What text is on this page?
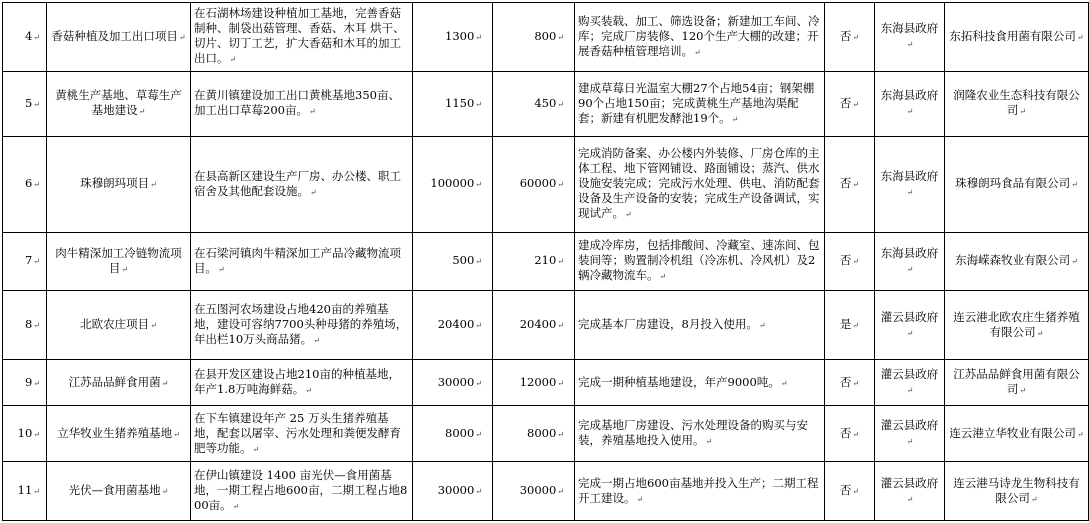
4↵	香菇种植及加工出口项目↵	在石湖林场建设种植加工基地，完善香菇制种、制袋出菇管理、香菇、木耳 烘干、切片、切丁工艺，扩大香菇和木耳的加工出口。↵	1300↵	800↵	购买装载、加工、筛选设备；新建加工车间、冷库；完成厂房装修、120个生产大棚的改建；开展香菇种植管理培训。↵	否↵	东海县政府↵	东拓科技食用菌有限公司↵
5↵	黄桃生产基地、草莓生产基地建设↵	在黄川镇建设加工出口黄桃基地350亩、加工出口草莓200亩。↵	1150↵	450↵	建成草莓日光温室大棚27个占地54亩；钢架棚90个占地150亩；完成黄桃生产基地沟渠配套；新建有机肥发酵池19个。↵	否↵	东海县政府↵	润隆农业生态科技有限公司↵
6↵	珠穆朗玛项目↵	在县高新区建设生产厂房、办公楼、职工宿舍及其他配套设施。↵	100000↵	60000↵	完成消防备案、办公楼内外装修、厂房仓库的主体工程、地下管网铺设、路面铺设；蒸汽、供水设施安装完成；完成污水处理、供电、消防配套设备及生产设备的安装；完成生产设备调试，实现试产。↵	否↵	东海县政府↵	珠穆朗玛食品有限公司↵
7↵	肉牛精深加工冷链物流项目↵	在石梁河镇肉牛精深加工产品冷藏物流项目。↵	500↵	210↵	建成冷库房，包括排酸间、冷藏室、速冻间、包装间等；购置制冷机组（冷冻机、冷风机）及2辆冷藏物流车。↵	否↵	东海县政府↵	东海嵘森牧业有限公司↵
8↵	北欧农庄项目↵	在五图河农场建设占地420亩的养殖基地，建设可容纳7700头种母猪的养殖场，年出栏10万头商品猪。↵	20400↵	20400↵	完成基本厂房建设，8月投入使用。↵	是↵	灌云县政府↵	连云港北欧农庄生猪养殖有限公司↵
9↵	江苏品品鲜食用菌↵	在县开发区建设占地210亩的种植基地，年产1.8万吨海鲜菇。↵	30000↵	12000↵	完成一期种植基地建设，年产9000吨。↵	否↵	灌云县政府↵	江苏品品鲜食用菌有限公司↵
10↵	立华牧业生猪养殖基地↵	在下车镇建设年产 25 万头生猪养殖基地，配套以屠宰、污水处理和粪便发酵育肥等功能。↵	8000↵	8000↵	完成基地厂房建设、污水处理设备的购买与安装，养殖基地投入使用。↵	否↵	灌云县政府↵	连云港立华牧业有限公司↵
11↵	光伏—食用菌基地↵	在伊山镇建设 1400 亩光伏—食用菌基地，一期工程占地600亩，二期工程占地800亩。↵	30000↵	30000↵	完成一期占地600亩基地并投入生产；二期工程开工建设。↵	否↵	灌云县政府↵	连云港马诗龙生物科技有限公司↵
